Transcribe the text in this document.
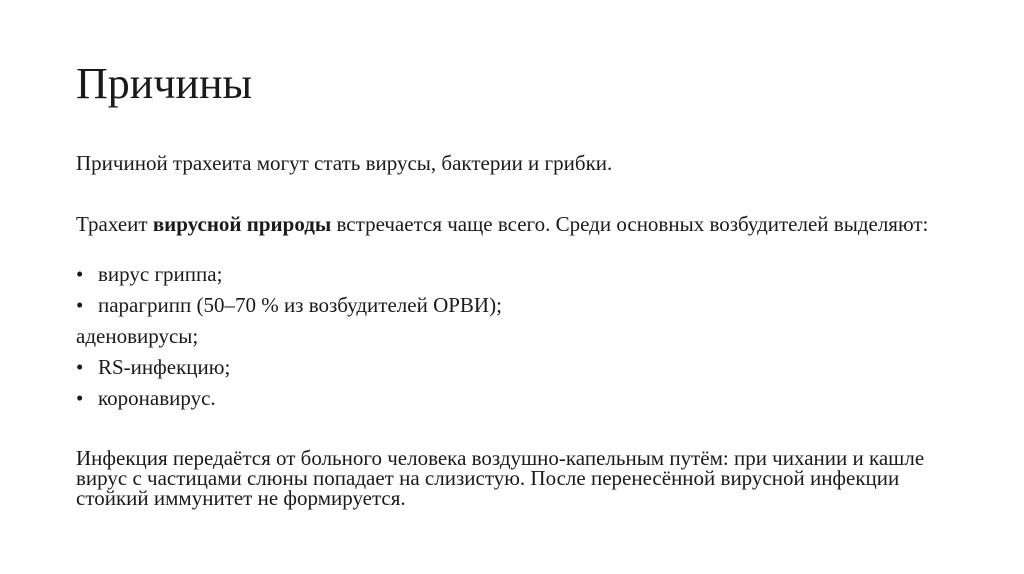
Причины

Причиной трахеита могут стать вирусы, бактерии и грибки.

Трахеит вирусной природы встречается чаще всего. Среди основных возбудителей выделяют:

• вирус гриппа;
• парагрипп (50–70 % из возбудителей ОРВИ);
аденовирусы;
• RS-инфекцию;
• коронавирус.

Инфекция передаётся от больного человека воздушно-капельным путём: при чихании и кашле вирус с частицами слюны попадает на слизистую. После перенесённой вирусной инфекции стойкий иммунитет не формируется.
